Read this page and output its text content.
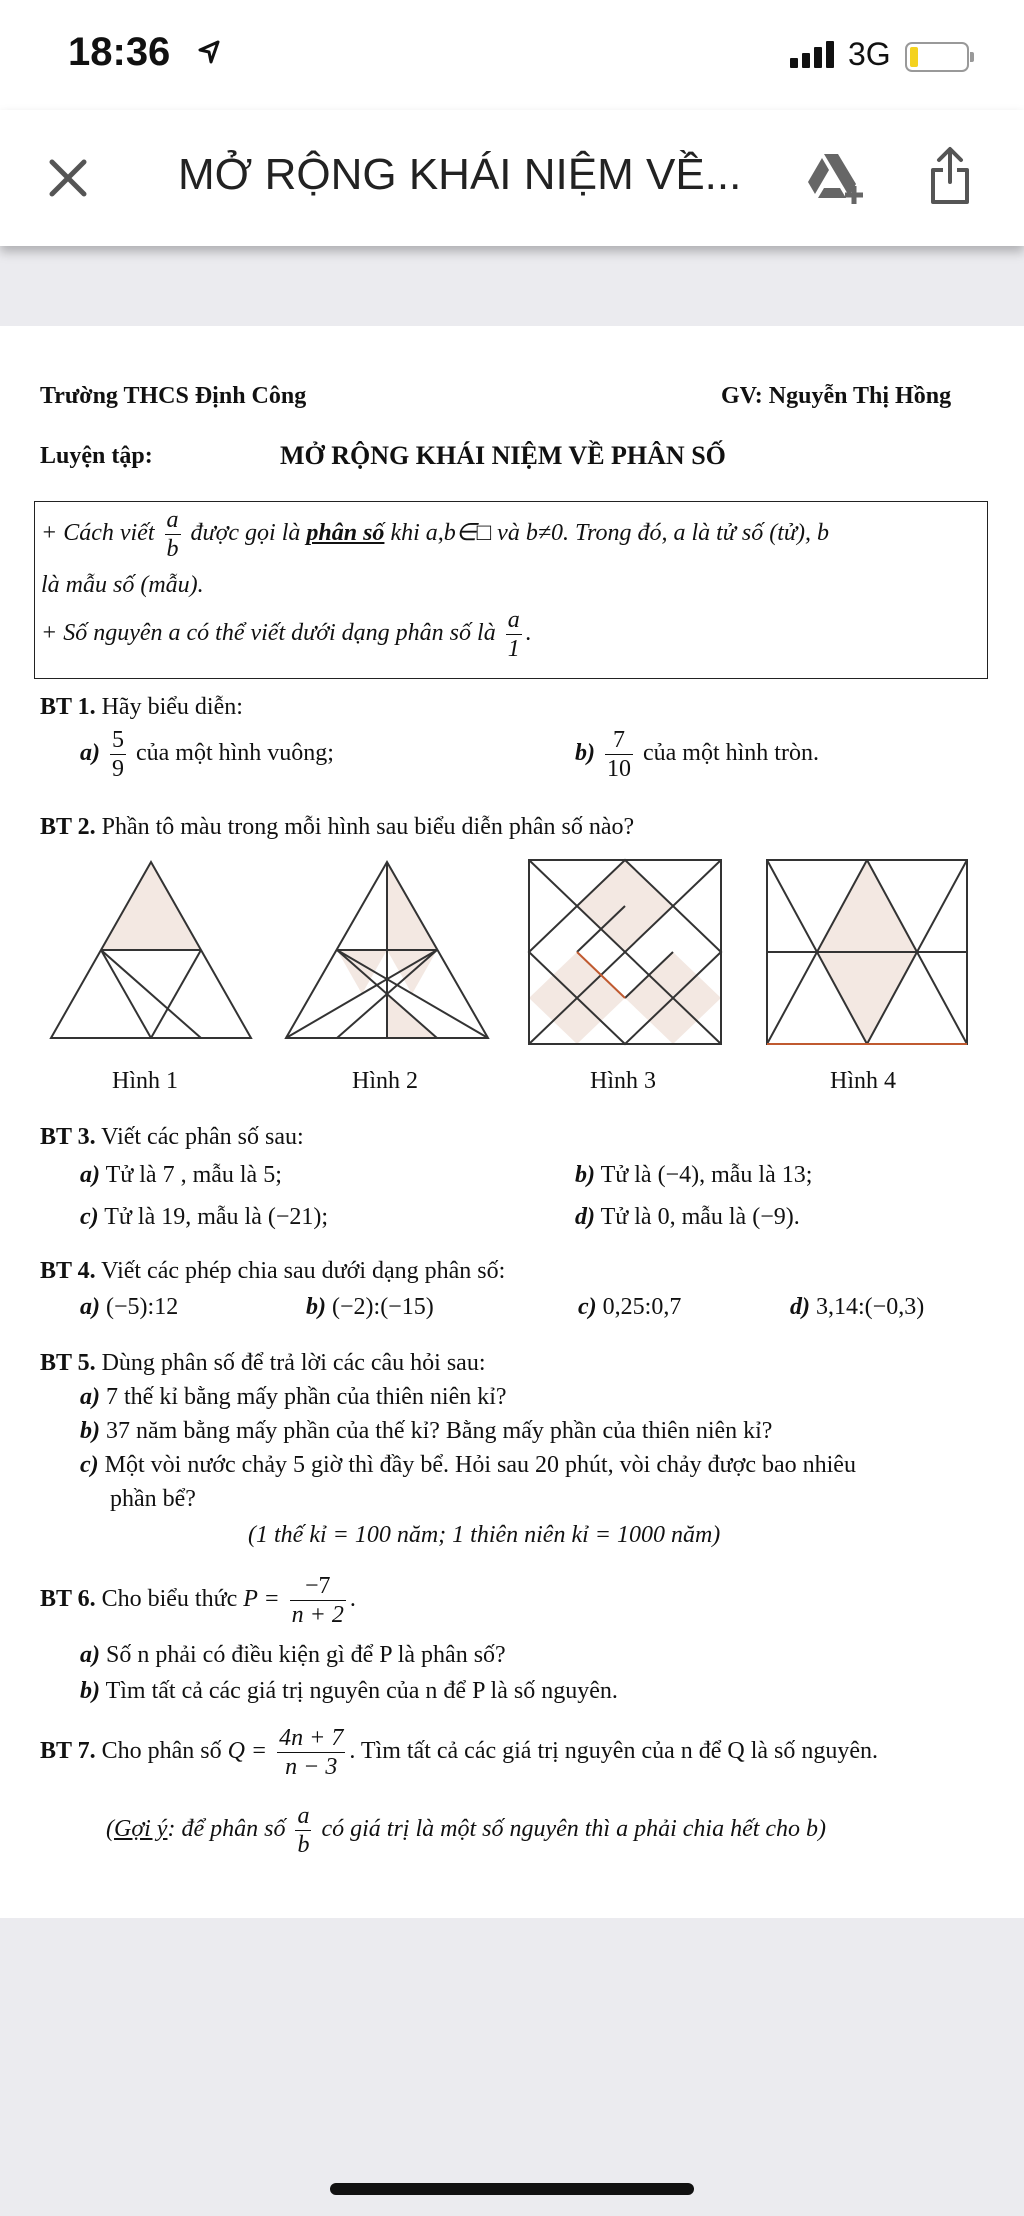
18:36	3G
MỞ RỘNG KHÁI NIỆM VỀ...
Trường THCS Định Công	GV: Nguyễn Thị Hồng
Luyện tập:	MỞ RỘNG KHÁI NIỆM VỀ PHÂN SỐ
+ Cách viết $\frac{a}{b}$ được gọi là phân số khi a,b∈□ và b≠0. Trong đó, a là tử số (tử), b
là mẫu số (mẫu).
+ Số nguyên a có thể viết dưới dạng phân số là $\frac{a}{1}$ .
BT 1. Hãy biểu diễn:
$a) \frac{5}{9}$ của một hình vuông;	$b) \frac{7}{10}$ của một hình tròn.
BT 2. Phần tô màu trong mỗi hình sau biểu diễn phân số nào?
Hình 1	Hình 2	Hình 3	Hình 4
BT 3. Viết các phân số sau:
a) Tử là 7 , mẫu là 5;	b) Tử là (−4), mẫu là 13;
c) Tử là 19, mẫu là (−21);	d) Tử là 0, mẫu là (−9).
BT 4. Viết các phép chia sau dưới dạng phân số:
a) (−5):12	b) (−2):(−15)	c) 0,25:0,7	d) 3,14:(−0,3)
BT 5. Dùng phân số để trả lời các câu hỏi sau:
a) 7 thế kỉ bằng mấy phần của thiên niên kỉ?
b) 37 năm bằng mấy phần của thế kỉ? Bằng mấy phần của thiên niên kỉ?
c) Một vòi nước chảy 5 giờ thì đầy bể. Hỏi sau 20 phút, vòi chảy được bao nhiêu
phần bể?
(1 thế kỉ = 100 năm; 1 thiên niên kỉ = 1000 năm)
BT 6. Cho biểu thức $P = \frac{-7}{n + 2}$ .
a) Số n phải có điều kiện gì để P là phân số?
b) Tìm tất cả các giá trị nguyên của n để P là số nguyên.
BT 7. Cho phân số $Q = \frac{4n + 7}{n - 3}$ . Tìm tất cả các giá trị nguyên của n để Q là số nguyên.
(Gợi ý: để phân số $\frac{a}{b}$ có giá trị là một số nguyên thì a phải chia hết cho b)
